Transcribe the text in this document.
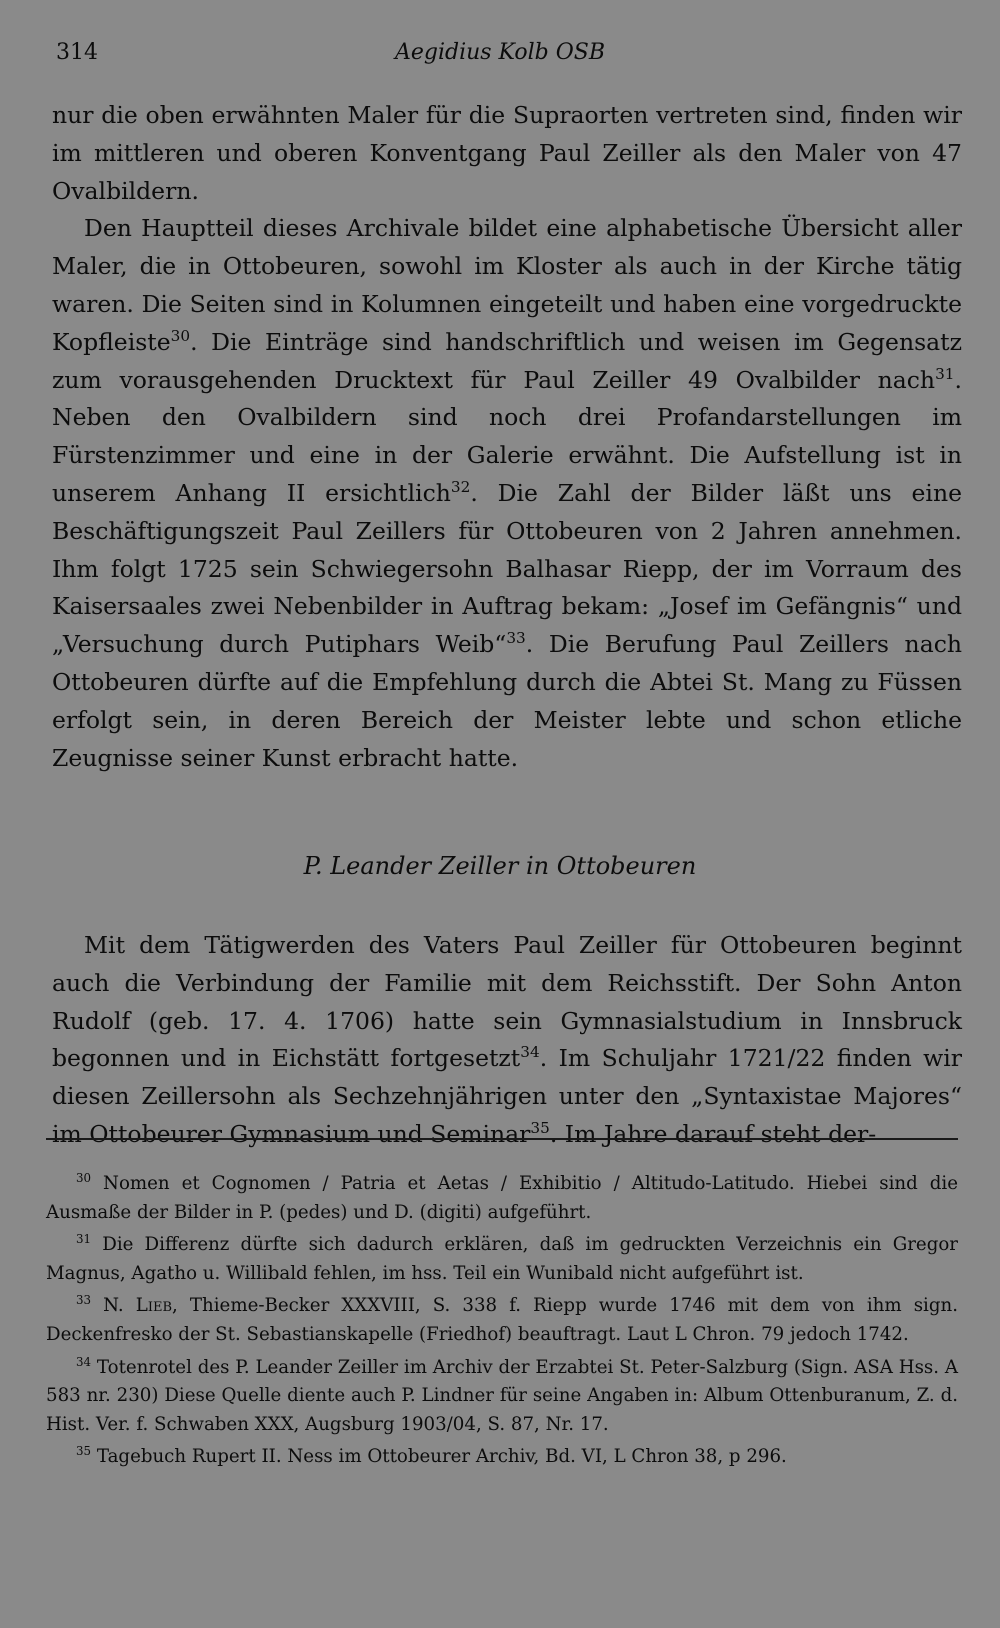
314	Aegidius Kolb OSB

nur die oben erwähnten Maler für die Supraorten vertreten sind, finden wir im mittleren und oberen Konventgang Paul Zeiller als den Maler von 47 Ovalbildern.

Den Hauptteil dieses Archivale bildet eine alphabetische Übersicht aller Maler, die in Ottobeuren, sowohl im Kloster als auch in der Kirche tätig waren. Die Seiten sind in Kolumnen eingeteilt und haben eine vorgedruckte Kopfleiste$^{30}$. Die Einträge sind handschriftlich und weisen im Gegensatz zum vorausgehenden Drucktext für Paul Zeiller 49 Ovalbilder nach$^{31}$. Neben den Ovalbildern sind noch drei Profandarstellungen im Fürstenzimmer und eine in der Galerie erwähnt. Die Aufstellung ist in unserem Anhang II ersichtlich$^{32}$. Die Zahl der Bilder läßt uns eine Beschäftigungszeit Paul Zeillers für Ottobeuren von 2 Jahren annehmen. Ihm folgt 1725 sein Schwiegersohn Balhasar Riepp, der im Vorraum des Kaisersaales zwei Nebenbilder in Auftrag bekam: „Josef im Gefängnis“ und „Versuchung durch Putiphars Weib“$^{33}$. Die Berufung Paul Zeillers nach Ottobeuren dürfte auf die Empfehlung durch die Abtei St. Mang zu Füssen erfolgt sein, in deren Bereich der Meister lebte und schon etliche Zeugnisse seiner Kunst erbracht hatte.

P. Leander Zeiller in Ottobeuren

Mit dem Tätigwerden des Vaters Paul Zeiller für Ottobeuren beginnt auch die Verbindung der Familie mit dem Reichsstift. Der Sohn Anton Rudolf (geb. 17. 4. 1706) hatte sein Gymnasialstudium in Innsbruck begonnen und in Eichstätt fortgesetzt$^{34}$. Im Schuljahr 1721/22 finden wir diesen Zeillersohn als Sechzehnjährigen unter den „Syntaxistae Majores“ im Ottobeurer Gymnasium und Seminar$^{35}$. Im Jahre darauf steht der-

$^{30}$ Nomen et Cognomen / Patria et Aetas / Exhibitio / Altitudo-Latitudo. Hiebei sind die Ausmaße der Bilder in P. (pedes) und D. (digiti) aufgeführt.

$^{31}$ Die Differenz dürfte sich dadurch erklären, daß im gedruckten Verzeichnis ein Gregor Magnus, Agatho u. Willibald fehlen, im hss. Teil ein Wunibald nicht aufgeführt ist.

$^{33}$ N. Lieb, Thieme-Becker XXXVIII, S. 338 f. Riepp wurde 1746 mit dem von ihm sign. Deckenfresko der St. Sebastianskapelle (Friedhof) beauftragt. Laut L Chron. 79 jedoch 1742.

$^{34}$ Totenrotel des P. Leander Zeiller im Archiv der Erzabtei St. Peter-Salzburg (Sign. ASA Hss. A 583 nr. 230) Diese Quelle diente auch P. Lindner für seine Angaben in: Album Ottenburanum, Z. d. Hist. Ver. f. Schwaben XXX, Augsburg 1903/04, S. 87, Nr. 17.

$^{35}$ Tagebuch Rupert II. Ness im Ottobeurer Archiv, Bd. VI, L Chron 38, p 296.
